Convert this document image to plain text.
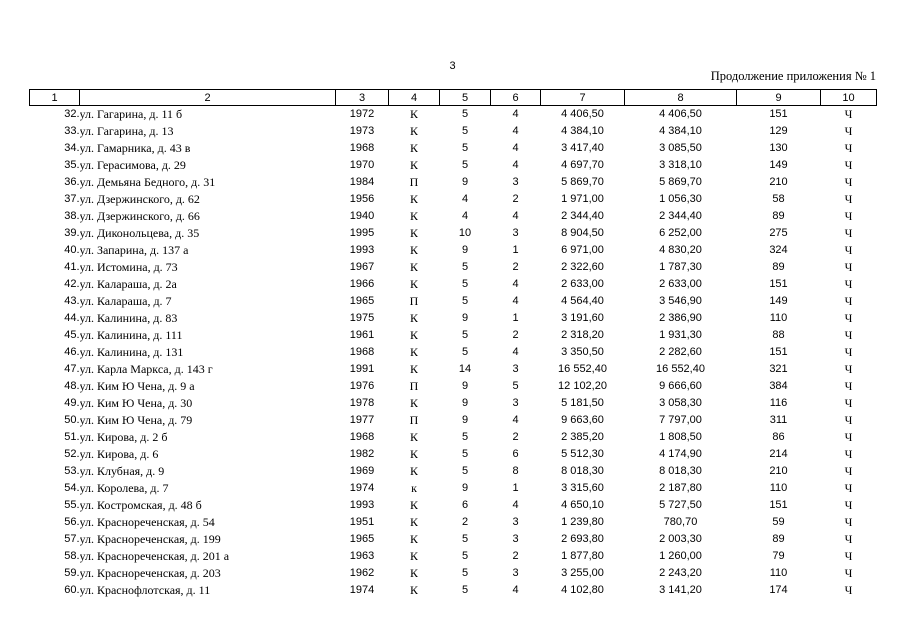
3
Продолжение приложения № 1
1	2	3	4	5	6	7	8	9	10
32.	ул. Гагарина, д. 11 б	1972	К	5	4	4 406,50	4 406,50	151	Ч
33.	ул. Гагарина, д. 13	1973	К	5	4	4 384,10	4 384,10	129	Ч
34.	ул. Гамарника, д. 43 в	1968	К	5	4	3 417,40	3 085,50	130	Ч
35.	ул. Герасимова, д. 29	1970	К	5	4	4 697,70	3 318,10	149	Ч
36.	ул. Демьяна Бедного, д. 31	1984	П	9	3	5 869,70	5 869,70	210	Ч
37.	ул. Дзержинского, д. 62	1956	К	4	2	1 971,00	1 056,30	58	Ч
38.	ул. Дзержинского, д. 66	1940	К	4	4	2 344,40	2 344,40	89	Ч
39.	ул. Диконольцева, д. 35	1995	К	10	3	8 904,50	6 252,00	275	Ч
40.	ул. Запарина, д. 137 а	1993	К	9	1	6 971,00	4 830,20	324	Ч
41.	ул. Истомина, д. 73	1967	К	5	2	2 322,60	1 787,30	89	Ч
42.	ул. Калараша, д. 2а	1966	К	5	4	2 633,00	2 633,00	151	Ч
43.	ул. Калараша, д. 7	1965	П	5	4	4 564,40	3 546,90	149	Ч
44.	ул. Калинина, д. 83	1975	К	9	1	3 191,60	2 386,90	110	Ч
45.	ул. Калинина, д. 111	1961	К	5	2	2 318,20	1 931,30	88	Ч
46.	ул. Калинина, д. 131	1968	К	5	4	3 350,50	2 282,60	151	Ч
47.	ул. Карла Маркса, д. 143 г	1991	К	14	3	16 552,40	16 552,40	321	Ч
48.	ул. Ким Ю Чена, д. 9 а	1976	П	9	5	12 102,20	9 666,60	384	Ч
49.	ул. Ким Ю Чена, д. 30	1978	К	9	3	5 181,50	3 058,30	116	Ч
50.	ул. Ким Ю Чена, д. 79	1977	П	9	4	9 663,60	7 797,00	311	Ч
51.	ул. Кирова, д. 2 б	1968	К	5	2	2 385,20	1 808,50	86	Ч
52.	ул. Кирова, д. 6	1982	К	5	6	5 512,30	4 174,90	214	Ч
53.	ул. Клубная, д. 9	1969	К	5	8	8 018,30	8 018,30	210	Ч
54.	ул. Королева, д. 7	1974	к	9	1	3 315,60	2 187,80	110	Ч
55.	ул. Костромская, д. 48 б	1993	К	6	4	4 650,10	5 727,50	151	Ч
56.	ул. Краснореченская, д. 54	1951	К	2	3	1 239,80	780,70	59	Ч
57.	ул. Краснореченская, д. 199	1965	К	5	3	2 693,80	2 003,30	89	Ч
58.	ул. Краснореченская, д. 201 а	1963	К	5	2	1 877,80	1 260,00	79	Ч
59.	ул. Краснореченская, д. 203	1962	К	5	3	3 255,00	2 243,20	110	Ч
60.	ул. Краснофлотская, д. 11	1974	К	5	4	4 102,80	3 141,20	174	Ч
